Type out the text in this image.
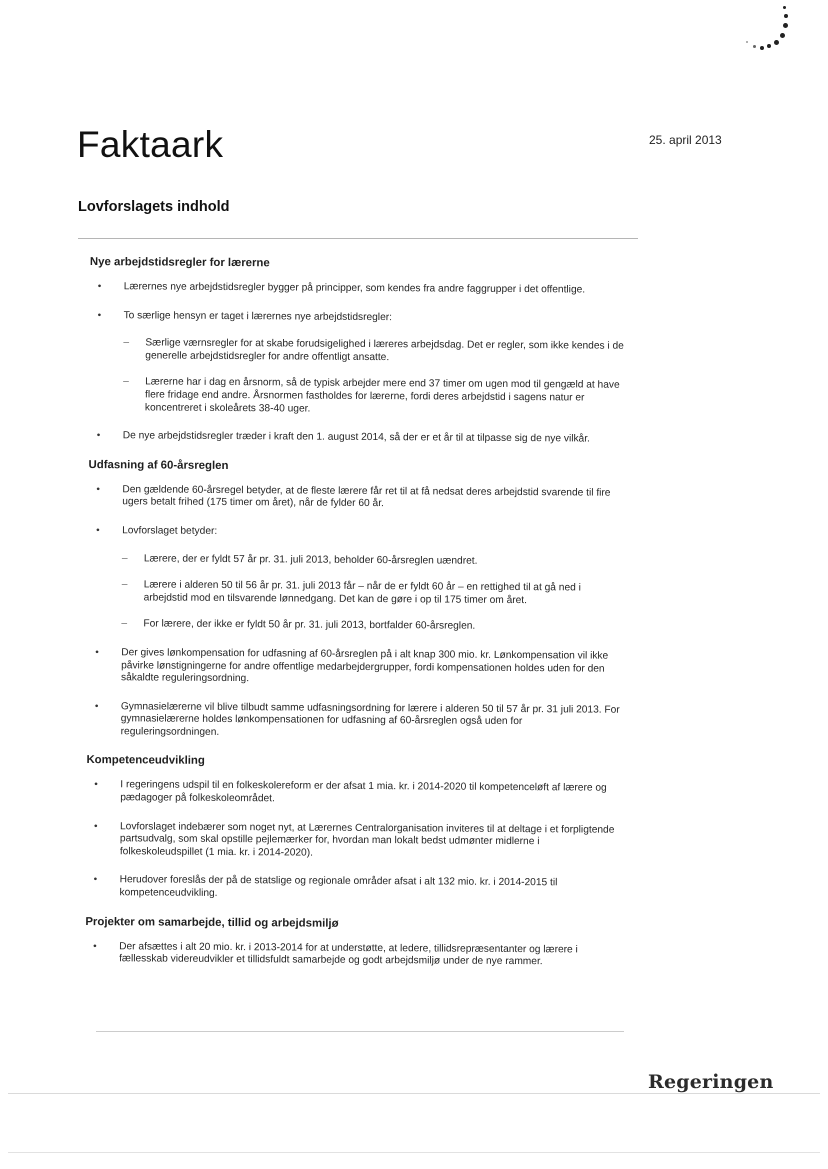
Faktaark	25. april 2013
Lovforslagets indhold
Nye arbejdstidsregler for lærerne
• Lærernes nye arbejdstidsregler bygger på principper, som kendes fra andre faggrupper i det offentlige.
• To særlige hensyn er taget i lærernes nye arbejdstidsregler:
– Særlige værnsregler for at skabe forudsigelighed i læreres arbejdsdag. Det er regler, som ikke kendes i de generelle arbejdstidsregler for andre offentligt ansatte.
– Lærerne har i dag en årsnorm, så de typisk arbejder mere end 37 timer om ugen mod til gengæld at have flere fridage end andre. Årsnormen fastholdes for lærerne, fordi deres arbejdstid i sagens natur er koncentreret i skoleårets 38-40 uger.
• De nye arbejdstidsregler træder i kraft den 1. august 2014, så der er et år til at tilpasse sig de nye vilkår.
Udfasning af 60-årsreglen
• Den gældende 60-årsregel betyder, at de fleste lærere får ret til at få nedsat deres arbejdstid svarende til fire ugers betalt frihed (175 timer om året), når de fylder 60 år.
• Lovforslaget betyder:
– Lærere, der er fyldt 57 år pr. 31. juli 2013, beholder 60-årsreglen uændret.
– Lærere i alderen 50 til 56 år pr. 31. juli 2013 får – når de er fyldt 60 år – en rettighed til at gå ned i arbejdstid mod en tilsvarende lønnedgang. Det kan de gøre i op til 175 timer om året.
– For lærere, der ikke er fyldt 50 år pr. 31. juli 2013, bortfalder 60-årsreglen.
• Der gives lønkompensation for udfasning af 60-årsreglen på i alt knap 300 mio. kr. Lønkompensation vil ikke påvirke lønstigningerne for andre offentlige medarbejdergrupper, fordi kompensationen holdes uden for den såkaldte reguleringsordning.
• Gymnasielærerne vil blive tilbudt samme udfasningsordning for lærere i alderen 50 til 57 år pr. 31 juli 2013. For gymnasielærerne holdes lønkompensationen for udfasning af 60-årsreglen også uden for reguleringsordningen.
Kompetenceudvikling
• I regeringens udspil til en folkeskolereform er der afsat 1 mia. kr. i 2014-2020 til kompetenceløft af lærere og pædagoger på folkeskoleområdet.
• Lovforslaget indebærer som noget nyt, at Lærernes Centralorganisation inviteres til at deltage i et forpligtende partsudvalg, som skal opstille pejlemærker for, hvordan man lokalt bedst udmønter midlerne i folkeskoleudspillet (1 mia. kr. i 2014-2020).
• Herudover foreslås der på de statslige og regionale områder afsat i alt 132 mio. kr. i 2014-2015 til kompetenceudvikling.
Projekter om samarbejde, tillid og arbejdsmiljø
• Der afsættes i alt 20 mio. kr. i 2013-2014 for at understøtte, at ledere, tillidsrepræsentanter og lærere i fællesskab videreudvikler et tillidsfuldt samarbejde og godt arbejdsmiljø under de nye rammer.
Regeringen
